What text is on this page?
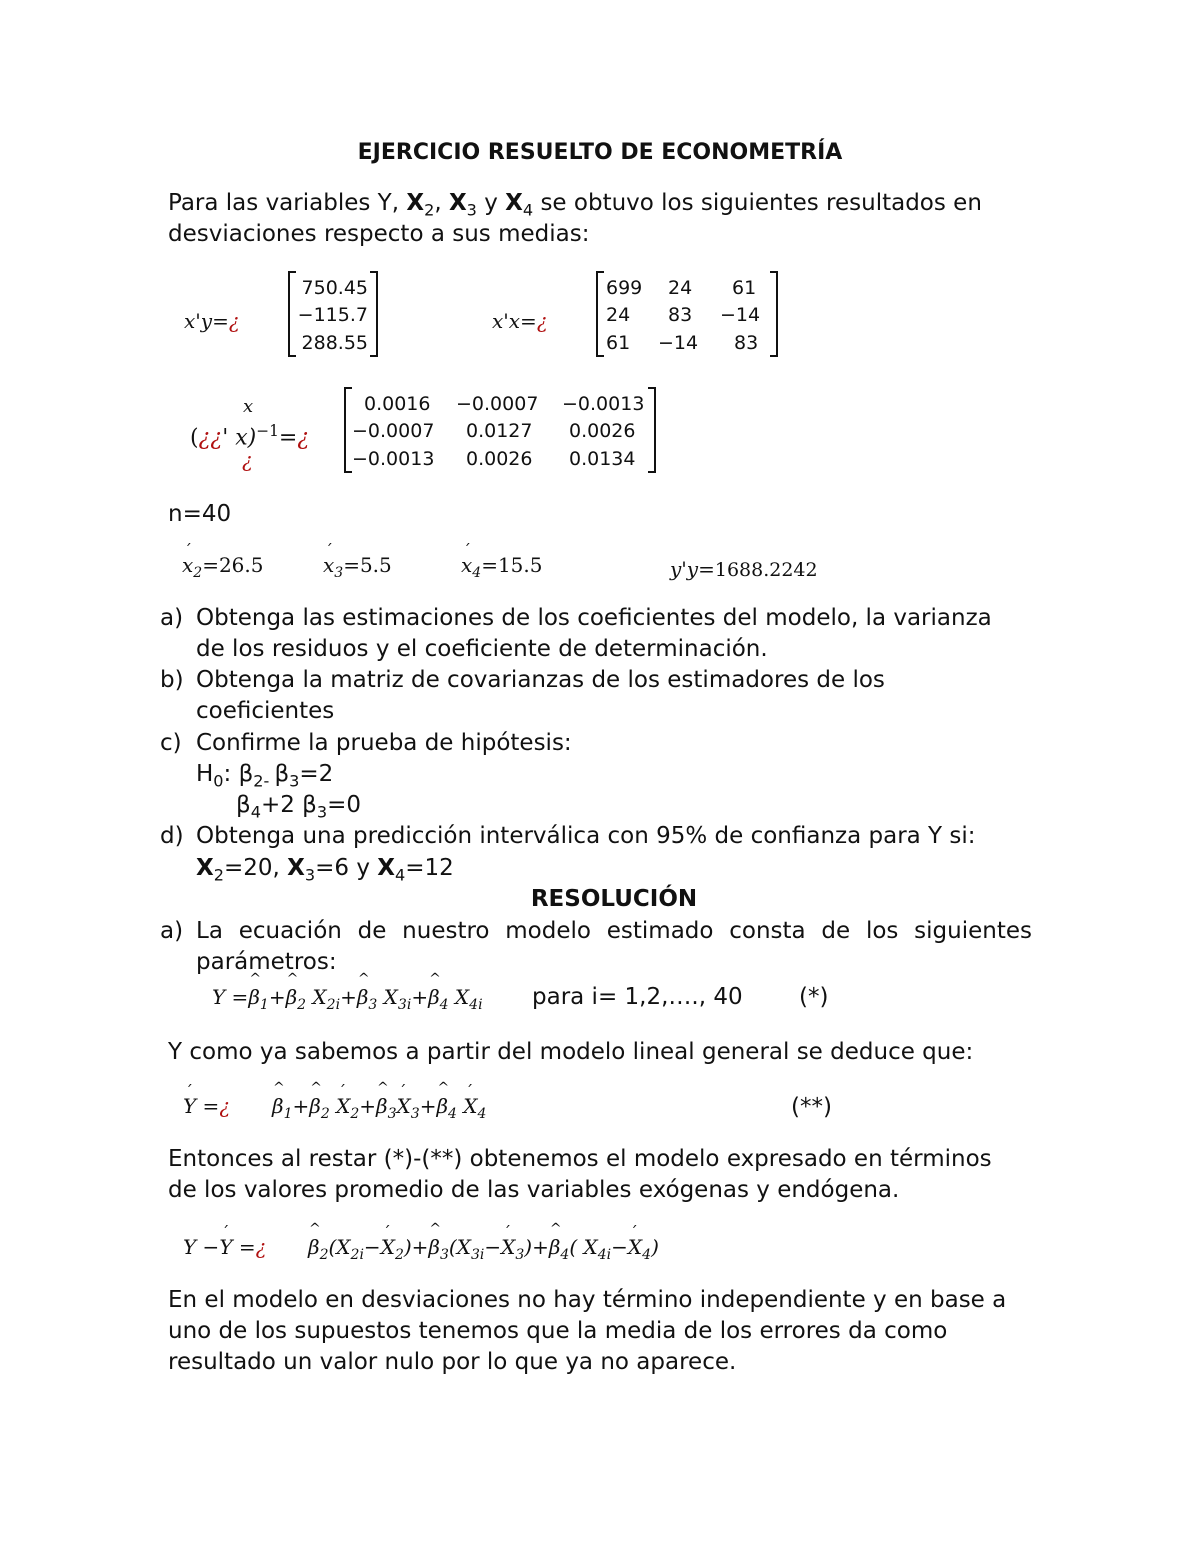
EJERCICIO RESUELTO DE ECONOMETRÍA
Para las variables Y, $X_2$, $X_3$ y $X_4$ se obtuvo los siguientes resultados en
desviaciones respecto a sus medias:
x'y=¿
750.45
−115.7
288.55
x'x=¿
699 24 61
24 83 −14
61 −14 83
x
(¿¿' x)$^{-1}$=¿
¿
0.0016 −0.0007 −0.0013
−0.0007 0.0127 0.0026
−0.0013 0.0026 0.0134
n=40
´ $x_2=26.5$	´ $x_3=5.5$	´ $x_4=15.5$	y'y=1688.2242
a) Obtenga las estimaciones de los coeficientes del modelo, la varianza
de los residuos y el coeficiente de determinación.
b) Obtenga la matriz de covarianzas de los estimadores de los
coeficientes
c) Confirme la prueba de hipótesis:
$H_0$: $\beta_{2-}$ $\beta_3=2$
$\beta_4+2$ $\beta_3=0$
d) Obtenga una predicción interválica con 95% de confianza para Y si:
$X_2=20$, $X_3=6$ y $X_4=12$
RESOLUCIÓN
a) La ecuación de nuestro modelo estimado consta de los siguientes
parámetros:
Y =^ $\beta_1+\^{}$ $\beta_2$ $X_{2i}+\^{}$ $\beta_3$ $X_{3i}+\^{}$ $\beta_4$ $X_{4i}$ para i= 1,2,…., 40 (*)
Y como ya sabemos a partir del modelo lineal general se deduce que:
´ Y =¿ ^ $\beta_1+\^{}$ $\beta_2$ ´ $X_2+\^{}$ $\beta_3´$ $X_3+\^{}$ $\beta_4$ ´ $X_4$	(**)
Entonces al restar (*)-(**) obtenemos el modelo expresado en términos
de los valores promedio de las variables exógenas y endógena.
Y −´ Y =¿ ^ $\beta_2(X_{2i}-´$ $X_2)+\^{}$ $\beta_3(X_{3i}-´$ $X_3)+\^{}$ $\beta_4$( $X_{4i}-´$ $X_4$)
En el modelo en desviaciones no hay término independiente y en base a
uno de los supuestos tenemos que la media de los errores da como
resultado un valor nulo por lo que ya no aparece.
